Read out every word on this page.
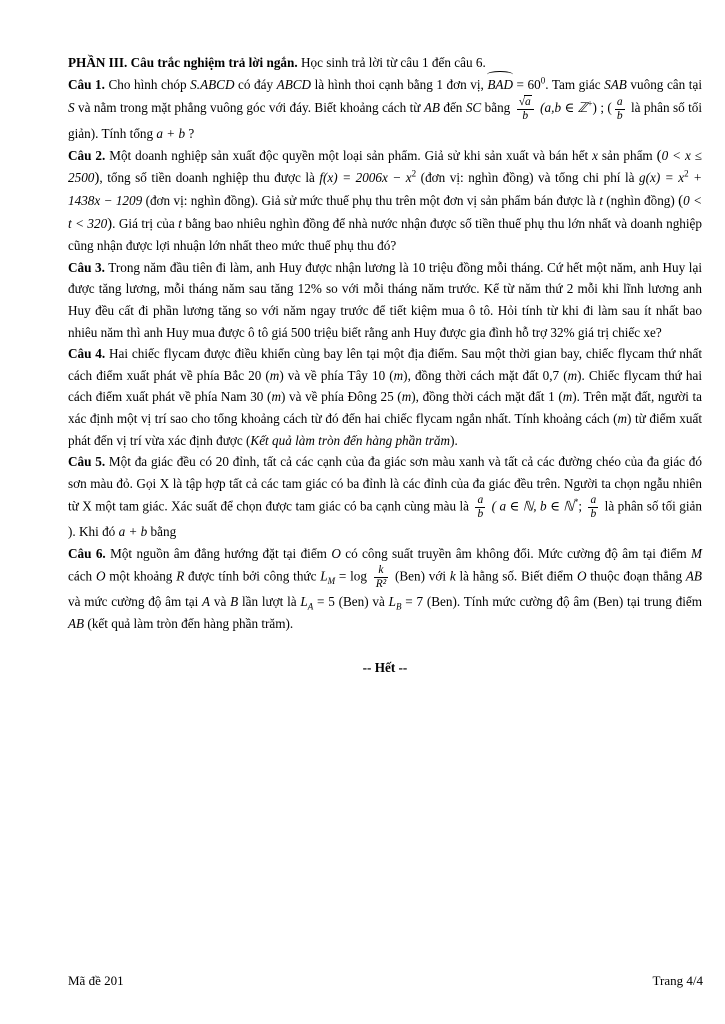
PHẦN III. Câu trắc nghiệm trả lời ngắn. Học sinh trả lời từ câu 1 đến câu 6.

Câu 1. Cho hình chóp S.ABCD có đáy ABCD là hình thoi cạnh bằng 1 đơn vị, BAD = $60^0$. Tam giác SAB vuông cân tại S và nằm trong mặt phẳng vuông góc với đáy. Biết khoảng cách từ AB đến SC bằng $\frac{√a}{b} (a,b$ ∈ ℤ+) ; ( $\frac{a}{b}$ là phân số tối giản). Tính tổng a + b ?

Câu 2. Một doanh nghiệp sản xuất độc quyền một loại sản phẩm. Giả sử khi sản xuất và bán hết x sản phẩm (0 < x ≤ 2500), tổng số tiền doanh nghiệp thu được là $f(x) = 2006x - x^2$ (đơn vị: nghìn đồng) và tổng chi phí là $g(x) = x^2 + 1438x - 1209$ (đơn vị: nghìn đồng). Giả sử mức thuế phụ thu trên một đơn vị sản phẩm bán được là t (nghìn đồng) (0 < t < 320). Giá trị của t bằng bao nhiêu nghìn đồng để nhà nước nhận được số tiền thuế phụ thu lớn nhất và doanh nghiệp cũng nhận được lợi nhuận lớn nhất theo mức thuế phụ thu đó?

Câu 3. Trong năm đầu tiên đi làm, anh Huy được nhận lương là 10 triệu đồng mỗi tháng. Cứ hết một năm, anh Huy lại được tăng lương, mỗi tháng năm sau tăng 12% so với mỗi tháng năm trước. Kể từ năm thứ 2 mỗi khi lĩnh lương anh Huy đều cất đi phần lương tăng so với năm ngay trước để tiết kiệm mua ô tô. Hỏi tính từ khi đi làm sau ít nhất bao nhiêu năm thì anh Huy mua được ô tô giá 500 triệu biết rằng anh Huy được gia đình hỗ trợ 32% giá trị chiếc xe?

Câu 4. Hai chiếc flycam được điều khiển cùng bay lên tại một địa điểm. Sau một thời gian bay, chiếc flycam thứ nhất cách điểm xuất phát về phía Bắc 20 (m) và về phía Tây 10 (m), đồng thời cách mặt đất 0,7 (m). Chiếc flycam thứ hai cách điểm xuất phát về phía Nam 30 (m) và về phía Đông 25 (m), đồng thời cách mặt đất 1 (m). Trên mặt đất, người ta xác định một vị trí sao cho tổng khoảng cách từ đó đến hai chiếc flycam ngắn nhất. Tính khoảng cách (m) từ điểm xuất phát đến vị trí vừa xác định được (Kết quả làm tròn đến hàng phần trăm).

Câu 5. Một đa giác đều có 20 đỉnh, tất cả các cạnh của đa giác sơn màu xanh và tất cả các đường chéo của đa giác đó sơn màu đỏ. Gọi X là tập hợp tất cả các tam giác có ba đỉnh là các đỉnh của đa giác đều trên. Người ta chọn ngẫu nhiên từ X một tam giác. Xác suất để chọn được tam giác có ba cạnh cùng màu là $\frac{a}{b}$ ( a ∈ ℕ, b ∈ ℕ*; $\frac{a}{b}$ là phân số tối giản ). Khi đó a + b bằng

Câu 6. Một nguồn âm đẳng hướng đặt tại điểm O có công suất truyền âm không đổi. Mức cường độ âm tại điểm M cách O một khoảng R được tính bởi công thức $L_M = \log \frac{k}{\text{R²}} (Ben)$ với k là hằng số. Biết điểm O thuộc đoạn thẳng AB và mức cường độ âm tại A và B lần lượt là $L_A = 5$ (Ben) và $L_B = 7$ (Ben). Tính mức cường độ âm (Ben) tại trung điểm AB (kết quả làm tròn đến hàng phần trăm).

-- Hết --

Mã đề 201	Trang 4/4
